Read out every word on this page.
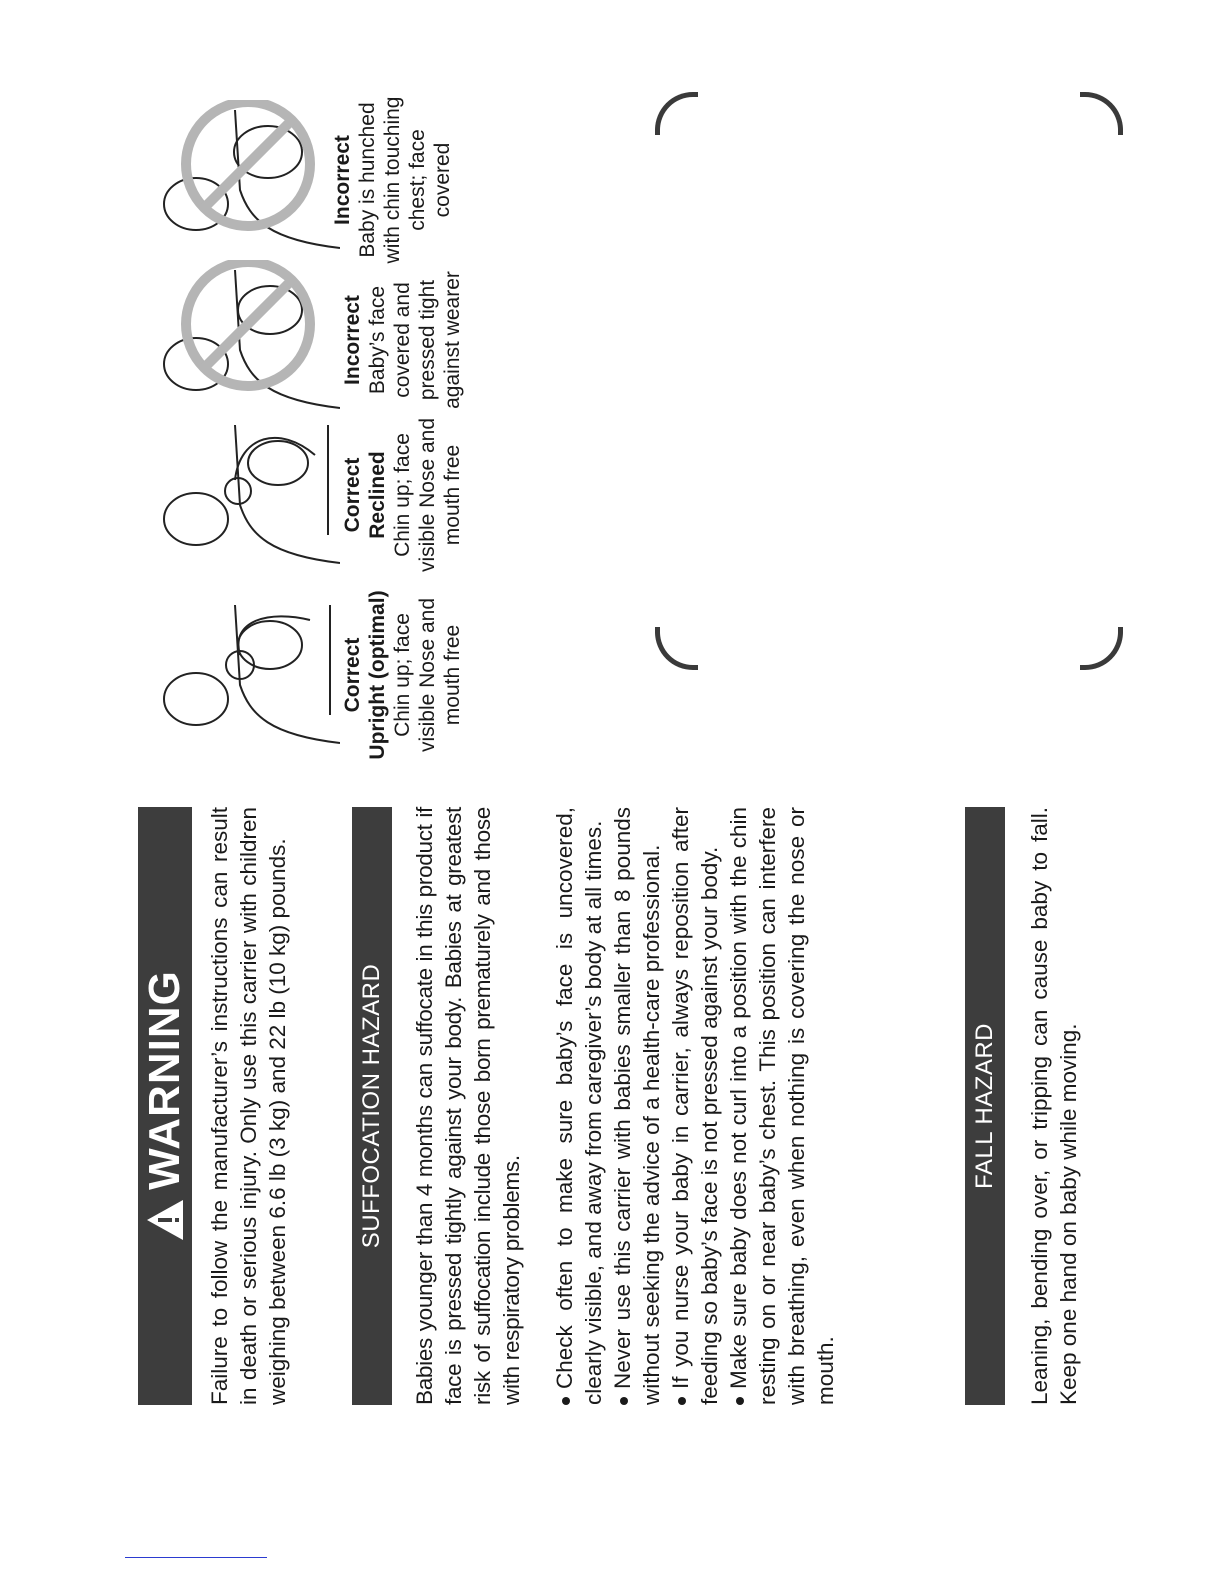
WARNING Failure to follow the manufacturer’s instructions can result in death or serious injury. Only use this carrier with children weighing between 6.6 lb (3 kg) and 22 lb (10 kg) pounds.	SUFFOCATION HAZARD Babies younger than 4 months can suffocate in this product if face is pressed tightly against your body. Babies at greatest risk of suffocation include those born prematurely and those with respiratory problems. Check often to make sure baby’s face is uncovered, clearly visible, and away from caregiver’s body at all times. Never use this carrier with babies smaller than 8 pounds without seeking the advice of a health-care professional. If you nurse your baby in carrier, always reposition after feeding so baby’s face is not pressed against your body. Make sure baby does not curl into a position with the chin resting on or near baby’s chest. This position can interfere with breathing, even when nothing is covering the nose or mouth.
FALL HAZARD Leaning, bending over, or tripping can cause baby to fall. Keep one hand on baby while moving.
Correct
Upright (optimal) Chin up; face visible Nose and mouth free
Correct
Reclined Chin up; face visible Nose and mouth free
Incorrect Baby’s face covered and pressed tight against wearer
Incorrect Baby is hunched with chin touching chest; face covered
